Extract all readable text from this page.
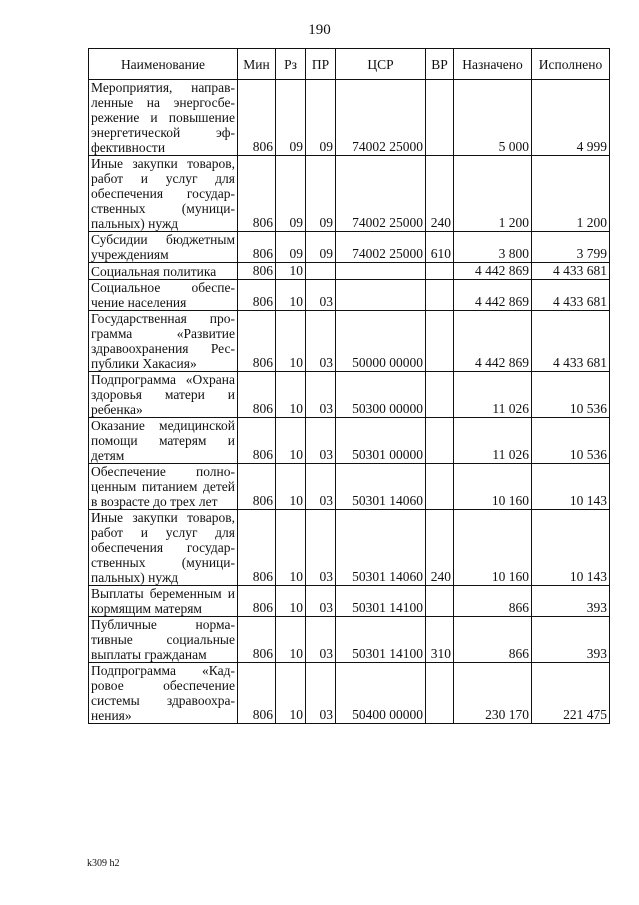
190
Наименование	Мин	Рз	ПР	ЦСР	ВР	Назначено	Исполнено
Мероприятия, направленные на энергосбережение и повышение энергетической эффективности	806	09	09	74002 25000		5 000	4 999
Иные закупки товаров, работ и услуг для обеспечения государственных (муниципальных) нужд	806	09	09	74002 25000	240	1 200	1 200
Субсидии бюджетным учреждениям	806	09	09	74002 25000	610	3 800	3 799
Социальная политика	806	10				4 442 869	4 433 681
Социальное обеспечение населения	806	10	03			4 442 869	4 433 681
Государственная программа «Развитие здравоохранения Республики Хакасия»	806	10	03	50000 00000		4 442 869	4 433 681
Подпрограмма «Охрана здоровья матери и ребенка»	806	10	03	50300 00000		11 026	10 536
Оказание медицинской помощи матерям и детям	806	10	03	50301 00000		11 026	10 536
Обеспечение полноценным питанием детей в возрасте до трех лет	806	10	03	50301 14060		10 160	10 143
Иные закупки товаров, работ и услуг для обеспечения государственных (муниципальных) нужд	806	10	03	50301 14060	240	10 160	10 143
Выплаты беременным и кормящим матерям	806	10	03	50301 14100		866	393
Публичные нормативные социальные выплаты гражданам	806	10	03	50301 14100	310	866	393
Подпрограмма «Кадровое обеспечение системы здравоохранения»	806	10	03	50400 00000		230 170	221 475
k309 h2
